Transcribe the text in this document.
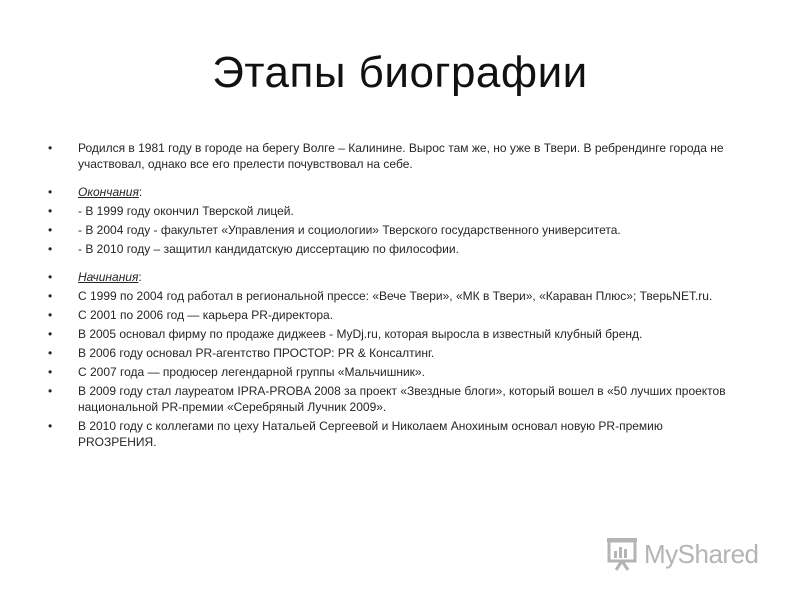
Этапы биографии
•	Родился в 1981 году в городе на берегу Волге – Калинине. Вырос там же, но уже в Твери. В ребрендинге города не участвовал, однако все его прелести почувствовал на себе.
•	Окончания:
•	- В 1999 году окончил Тверской лицей.
•	- В 2004 году - факультет «Управления и социологии» Тверского государственного университета.
•	- В 2010 году – защитил кандидатскую диссертацию по философии.
•	Начинания:
•	С 1999 по 2004 год работал в региональной прессе: «Вече Твери», «МК в Твери», «Караван Плюс»; ТверьNET.ru.
•	С 2001 по 2006 год — карьера PR-директора.
•	В 2005 основал фирму по продаже диджеев - MyDj.ru, которая выросла в известный клубный бренд.
•	В 2006 году основал PR-агентство ПРОСТОР: PR & Консалтинг.
•	С 2007 года — продюсер легендарной группы «Мальчишник».
•	В 2009 году стал лауреатом IPRA-PROBA 2008 за проект «Звездные блоги», который вошел в «50 лучших проектов национальной PR-премии «Серебряный Лучник 2009».
•	В 2010 году с коллегами по цеху Натальей Сергеевой и Николаем Анохиным основал новую PR-премию PROЗРЕНИЯ.
MyShared
